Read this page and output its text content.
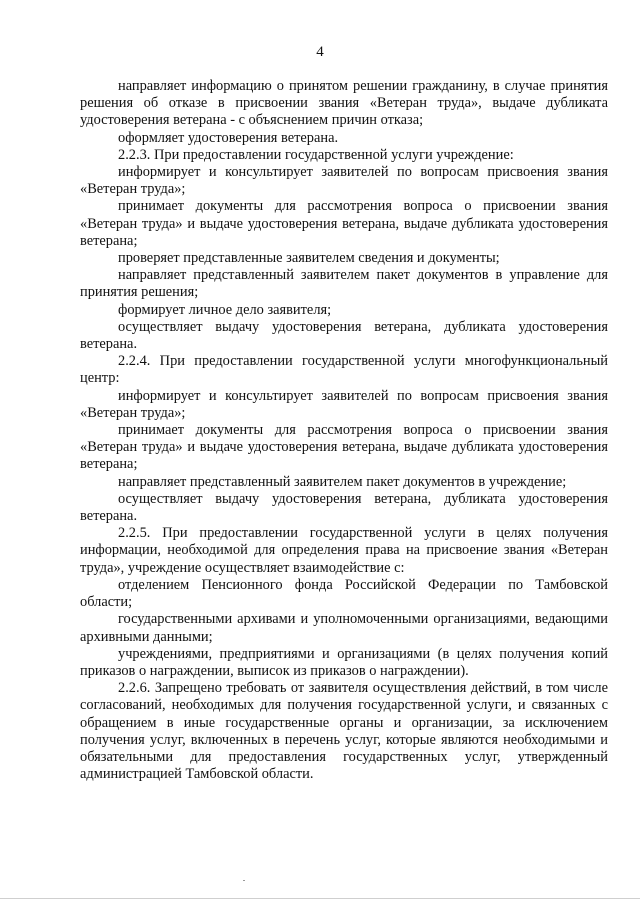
4

направляет информацию о принятом решении гражданину, в случае принятия решения об отказе в присвоении звания «Ветеран труда», выдаче дубликата удостоверения ветерана - с объяснением причин отказа;

оформляет удостоверения ветерана.

2.2.3. При предоставлении государственной услуги учреждение:

информирует и консультирует заявителей по вопросам присвоения звания «Ветеран труда»;

принимает документы для рассмотрения вопроса о присвоении звания «Ветеран труда» и выдаче удостоверения ветерана, выдаче дубликата удостоверения ветерана;

проверяет представленные заявителем сведения и документы;

направляет представленный заявителем пакет документов в управление для принятия решения;

формирует личное дело заявителя;

осуществляет выдачу удостоверения ветерана, дубликата удостоверения ветерана.

2.2.4. При предоставлении государственной услуги многофункциональный центр:

информирует и консультирует заявителей по вопросам присвоения звания «Ветеран труда»;

принимает документы для рассмотрения вопроса о присвоении звания «Ветеран труда» и выдаче удостоверения ветерана, выдаче дубликата удостоверения ветерана;

направляет представленный заявителем пакет документов в учреждение;

осуществляет выдачу удостоверения ветерана, дубликата удостоверения ветерана.

2.2.5. При предоставлении государственной услуги в целях получения информации, необходимой для определения права на присвоение звания «Ветеран труда», учреждение осуществляет взаимодействие с:

отделением Пенсионного фонда Российской Федерации по Тамбовской области;

государственными архивами и уполномоченными организациями, ведающими архивными данными;

учреждениями, предприятиями и организациями (в целях получения копий приказов о награждении, выписок из приказов о награждении).

2.2.6. Запрещено требовать от заявителя осуществления действий, в том числе согласований, необходимых для получения государственной услуги, и связанных с обращением в иные государственные органы и организации, за исключением получения услуг, включенных в перечень услуг, которые являются необходимыми и обязательными для предоставления государственных услуг, утвержденный администрацией Тамбовской области.
